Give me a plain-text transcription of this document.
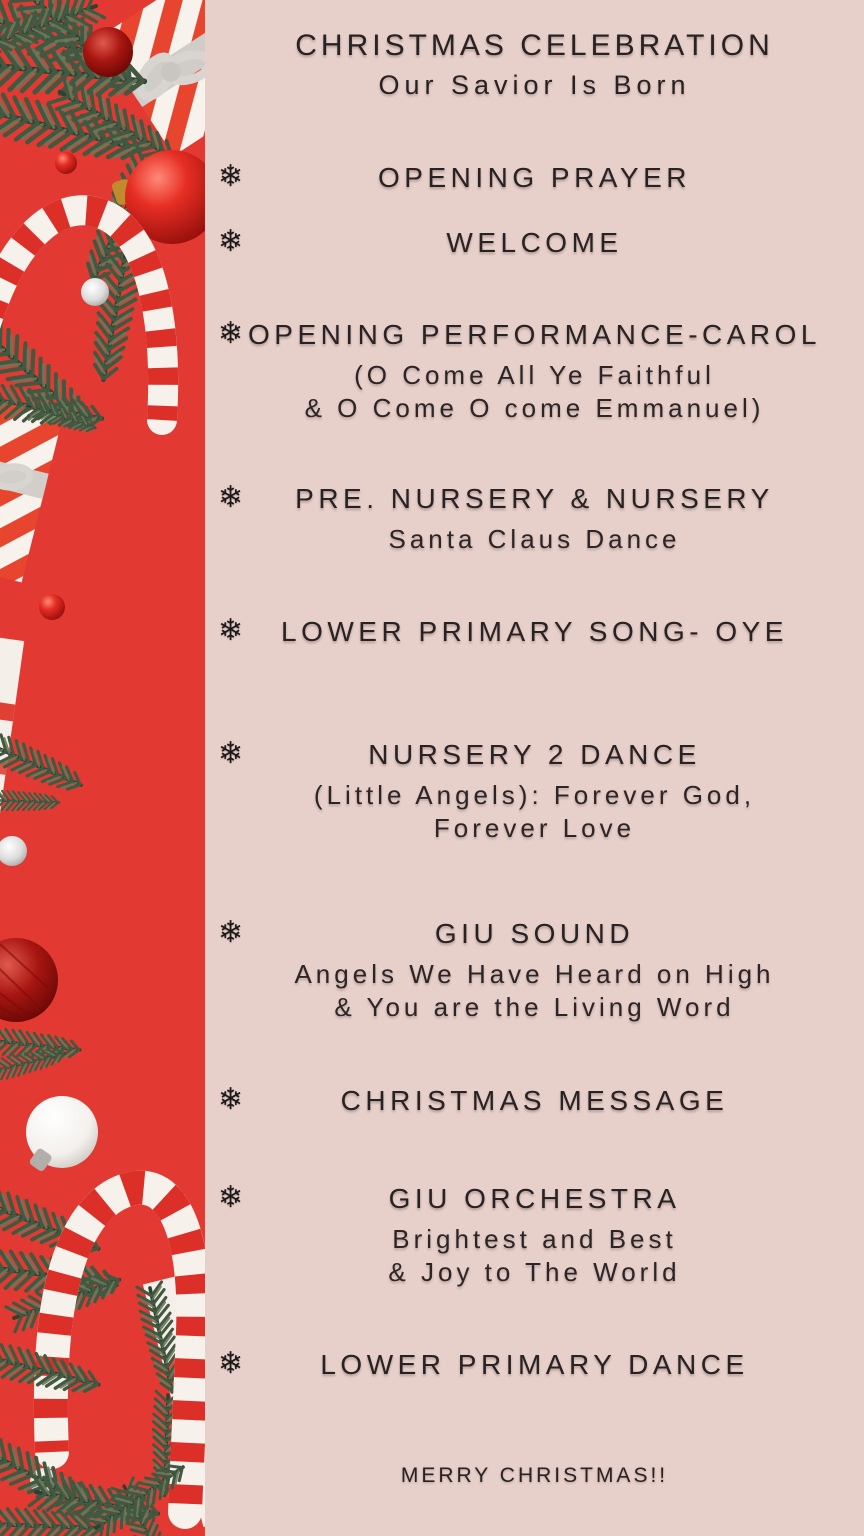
CHRISTMAS CELEBRATION
Our Savior Is Born
❄	OPENING PRAYER
❄	WELCOME
❄ OPENING PERFORMANCE-CAROL
(O Come All Ye Faithful
& O Come O come Emmanuel)
❄	PRE. NURSERY & NURSERY
Santa Claus Dance
❄	LOWER PRIMARY SONG- OYE
❄	NURSERY 2 DANCE
(Little Angels): Forever God,
Forever Love
❄	GIU SOUND
Angels We Have Heard on High
& You are the Living Word
❄	CHRISTMAS MESSAGE
❄	GIU ORCHESTRA
Brightest and Best
& Joy to The World
❄	LOWER PRIMARY DANCE
MERRY CHRISTMAS!!
